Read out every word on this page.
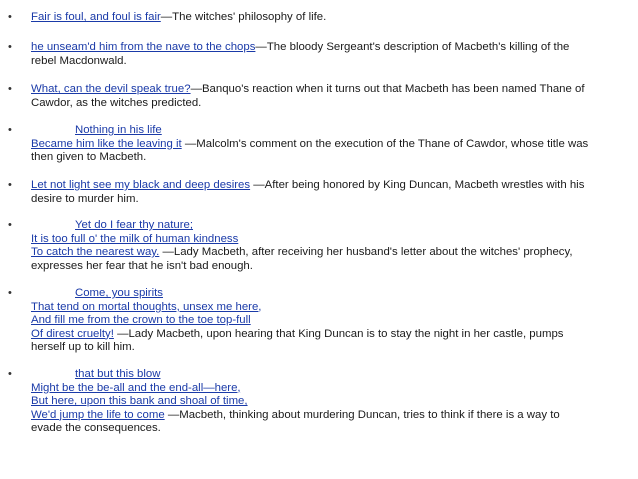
• Fair is foul, and foul is fair—The witches' philosophy of life.
• he unseam'd him from the nave to the chops—The bloody Sergeant's description of Macbeth's killing of the
rebel Macdonwald.
• What, can the devil speak true?—Banquo's reaction when it turns out that Macbeth has been named Thane of
Cawdor, as the witches predicted.
•	Nothing in his life
Became him like the leaving it —Malcolm's comment on the execution of the Thane of Cawdor, whose title was
then given to Macbeth.
• Let not light see my black and deep desires —After being honored by King Duncan, Macbeth wrestles with his
desire to murder him.
•	Yet do I fear thy nature;
It is too full o' the milk of human kindness
To catch the nearest way. —Lady Macbeth, after receiving her husband's letter about the witches' prophecy,
expresses her fear that he isn't bad enough.
•	Come, you spirits
That tend on mortal thoughts, unsex me here,
And fill me from the crown to the toe top-full
Of direst cruelty! —Lady Macbeth, upon hearing that King Duncan is to stay the night in her castle, pumps
herself up to kill him.
•	that but this blow
Might be the be-all and the end-all—here,
But here, upon this bank and shoal of time,
We'd jump the life to come —Macbeth, thinking about murdering Duncan, tries to think if there is a way to
evade the consequences.
